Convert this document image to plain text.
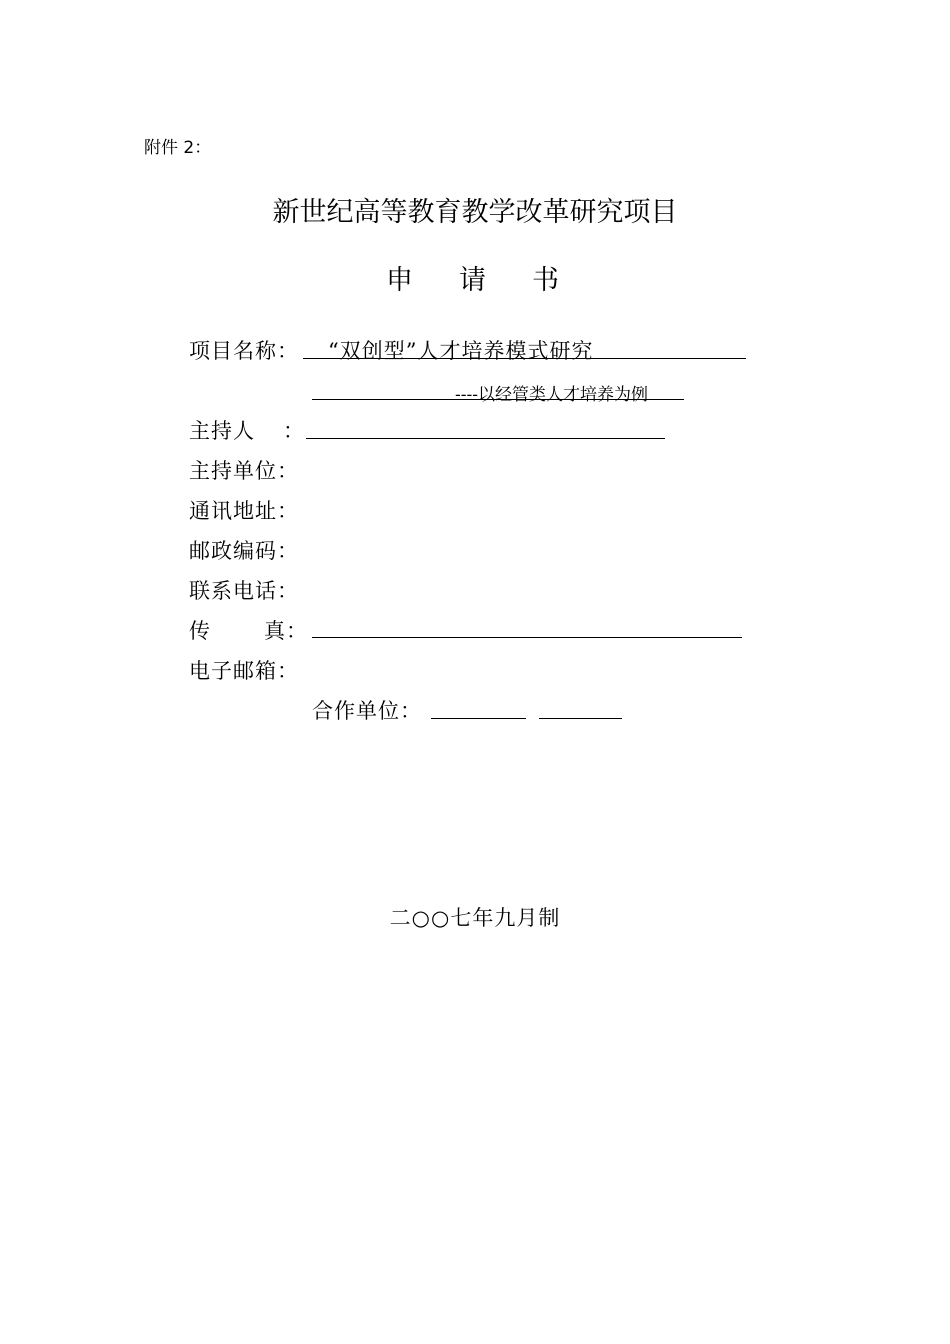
附件 2：
新世纪高等教育教学改革研究项目
申 请 书
项目名称： “双创型”人才培养模式研究
----以经管类人才培养为例
主持人 ：
主持单位：
通讯地址：
邮政编码：
联系电话：
传	真：
电子邮箱：
合作单位：
二○○七年九月制
